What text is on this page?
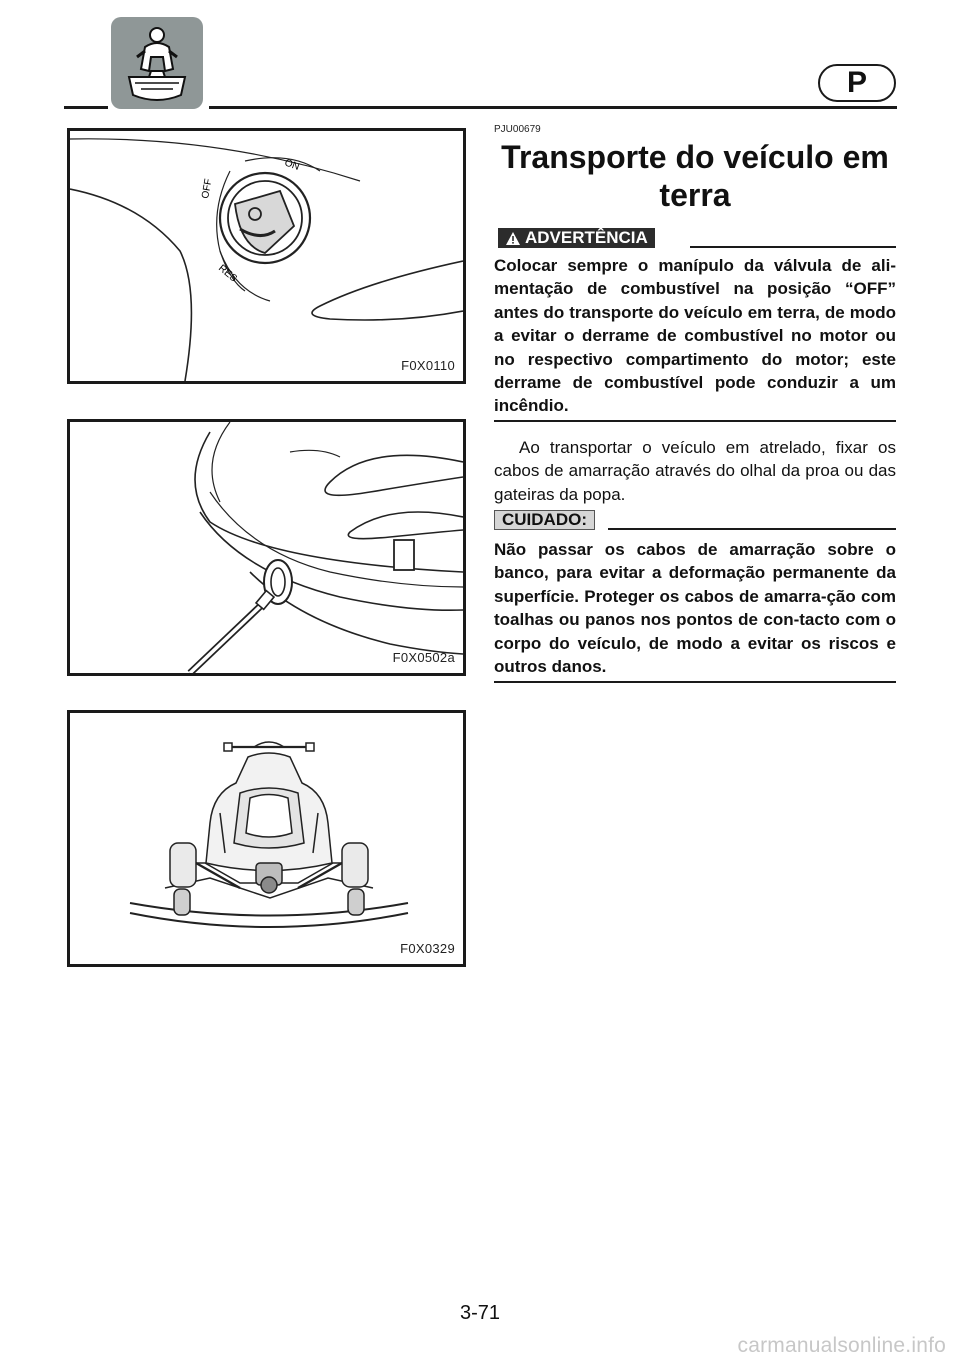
P
ON
OFF
RES
F0X0110
F0X0502a
F0X0329
PJU00679
Transporte do veículo em terra
ADVERTÊNCIA

Colocar sempre o manípulo da válvula de ali-mentação de combustível na posição “OFF” antes do transporte do veículo em terra, de modo a evitar o derrame de combustível no motor ou no respectivo compartimento do motor; este derrame de combustível pode conduzir a um incêndio.

Ao transportar o veículo em atrelado, fixar os cabos de amarração através do olhal da proa ou das gateiras da popa.

CUIDADO:

Não passar os cabos de amarração sobre o banco, para evitar a deformação permanente da superfície. Proteger os cabos de amarra-ção com toalhas ou panos nos pontos de con-tacto com o corpo do veículo, de modo a evitar os riscos e outros danos.

3-71
carmanualsonline.info
